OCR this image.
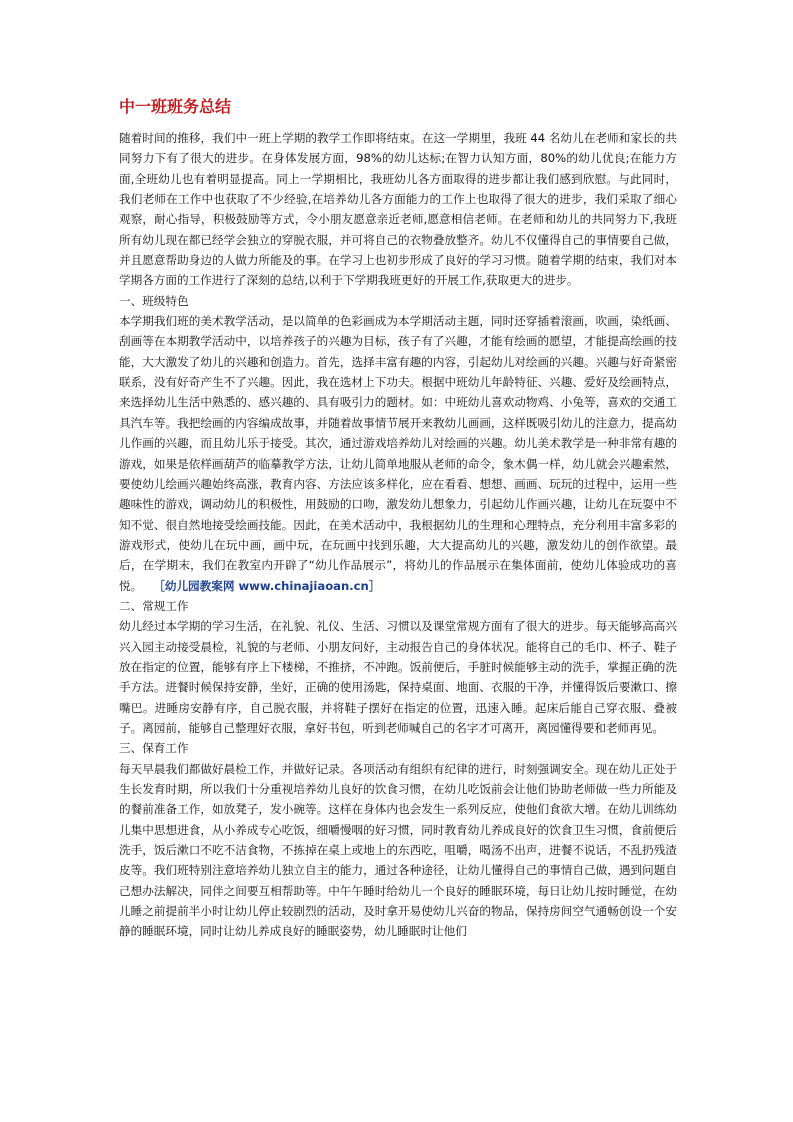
中一班班务总结

随着时间的推移，我们中一班上学期的教学工作即将结束。在这一学期里，我班 44 名幼儿在老师和家长的共同努力下有了很大的进步。在身体发展方面，98%的幼儿达标;在智力认知方面，80%的幼儿优良;在能力方面,全班幼儿也有着明显提高。同上一学期相比，我班幼儿各方面取得的进步都让我们感到欣慰。与此同时，我们老师在工作中也获取了不少经验,在培养幼儿各方面能力的工作上也取得了很大的进步，我们采取了细心观察，耐心指导，积极鼓励等方式，令小朋友愿意亲近老师,愿意相信老师。在老师和幼儿的共同努力下,我班所有幼儿现在都已经学会独立的穿脱衣服，并可将自己的衣物叠放整齐。幼儿不仅懂得自己的事情要自己做，并且愿意帮助身边的人做力所能及的事。在学习上也初步形成了良好的学习习惯。随着学期的结束，我们对本学期各方面的工作进行了深刻的总结,以利于下学期我班更好的开展工作,获取更大的进步。

一、班级特色

本学期我们班的美术教学活动，是以简单的色彩画成为本学期活动主题，同时还穿插着滚画，吹画，染纸画、刮画等在本期教学活动中，以培养孩子的兴趣为目标，孩子有了兴趣，才能有绘画的愿望，才能提高绘画的技能，大大激发了幼儿的兴趣和创造力。首先，选择丰富有趣的内容，引起幼儿对绘画的兴趣。兴趣与好奇紧密联系，没有好奇产生不了兴趣。因此，我在选材上下功夫。根据中班幼儿年龄特征、兴趣、爱好及绘画特点，来选择幼儿生活中熟悉的、感兴趣的、具有吸引力的题材。如：中班幼儿喜欢动物鸡、小兔等，喜欢的交通工具汽车等。我把绘画的内容编成故事，并随着故事情节展开来教幼儿画画，这样既吸引幼儿的注意力，提高幼儿作画的兴趣，而且幼儿乐于接受。其次，通过游戏培养幼儿对绘画的兴趣。幼儿美术教学是一种非常有趣的游戏，如果是依样画葫芦的临摹教学方法，让幼儿简单地服从老师的命令，象木偶一样，幼儿就会兴趣索然，要使幼儿绘画兴趣始终高涨，教育内容、方法应该多样化，应在看看、想想、画画、玩玩的过程中，运用一些趣味性的游戏，调动幼儿的积极性，用鼓励的口吻，激发幼儿想象力，引起幼儿作画兴趣，让幼儿在玩耍中不知不觉、很自然地接受绘画技能。因此，在美术活动中，我根据幼儿的生理和心理特点，充分利用丰富多彩的游戏形式，使幼儿在玩中画，画中玩，在玩画中找到乐趣，大大提高幼儿的兴趣，激发幼儿的创作欲望。最后，在学期末，我们在教室内开辟了“幼儿作品展示”，将幼儿的作品展示在集体面前，使幼儿体验成功的喜悦。 ［幼儿园教案网 www.chinajiaoan.cn］

二、常规工作

幼儿经过本学期的学习生活，在礼貌、礼仪、生活、习惯以及课堂常规方面有了很大的进步。每天能够高高兴兴入园主动接受晨检，礼貌的与老师、小朋友问好，主动报告自己的身体状况。能将自己的毛巾、杯子、鞋子放在指定的位置，能够有序上下楼梯，不推挤，不冲跑。饭前便后，手脏时候能够主动的洗手，掌握正确的洗手方法。进餐时候保持安静，坐好，正确的使用汤匙，保持桌面、地面、衣服的干净，并懂得饭后要漱口、擦嘴巴。进睡房安静有序，自己脱衣服，并将鞋子摆好在指定的位置，迅速入睡。起床后能自己穿衣服、叠被子。离园前，能够自己整理好衣服，拿好书包，听到老师喊自己的名字才可离开，离园懂得要和老师再见。

三、保育工作

每天早晨我们都做好晨检工作，并做好记录。各项活动有组织有纪律的进行，时刻强调安全。现在幼儿正处于生长发育时期，所以我们十分重视培养幼儿良好的饮食习惯，在幼儿吃饭前会让他们协助老师做一些力所能及的餐前准备工作，如放凳子，发小碗等。这样在身体内也会发生一系列反应，使他们食欲大增。在幼儿训练幼儿集中思想进食，从小养成专心吃饭，细嚼慢咽的好习惯，同时教育幼儿养成良好的饮食卫生习惯，食前便后洗手，饭后漱口不吃不洁食物，不拣掉在桌上或地上的东西吃，咀嚼，喝汤不出声，进餐不说话，不乱扔残渣皮等。我们班特别注意培养幼儿独立自主的能力，通过各种途径，让幼儿懂得自己的事情自己做，遇到问题自己想办法解决，同伴之间要互相帮助等。中午午睡时给幼儿一个良好的睡眠环境，每日让幼儿按时睡觉，在幼儿睡之前提前半小时让幼儿停止较剧烈的活动，及时拿开易使幼儿兴奋的物品，保持房间空气通畅创设一个安静的睡眠环境，同时让幼儿养成良好的睡眠姿势，幼儿睡眠时让他们
